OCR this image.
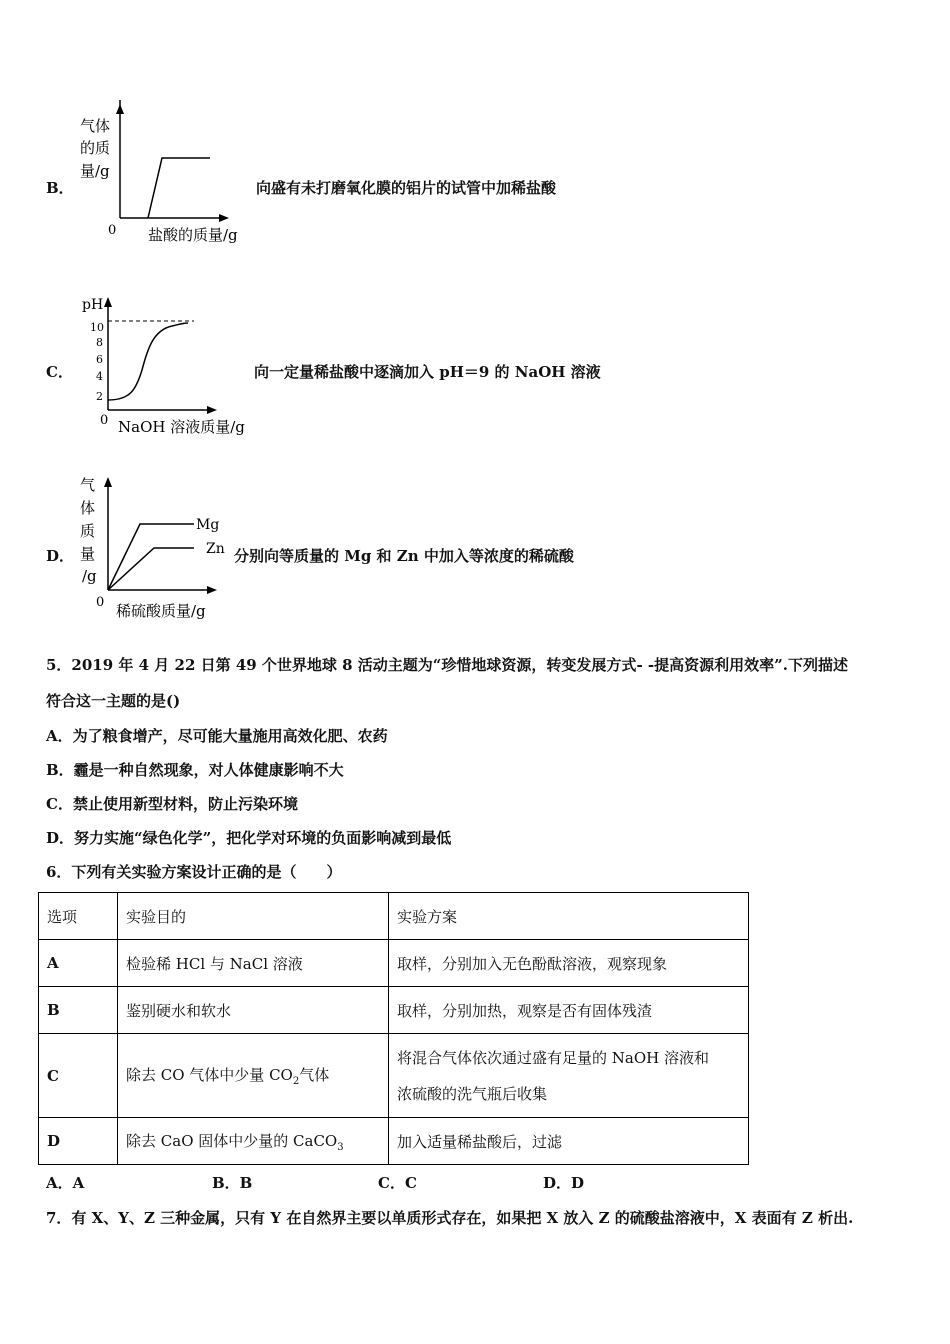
B．
气体
的质
量/g
0 盐酸的质量/g
向盛有未打磨氧化膜的铝片的试管中加稀盐酸
C．
pH
10
8
6
4
2
0 NaOH 溶液质量/g
向一定量稀盐酸中逐滴加入 pH＝9 的 NaOH 溶液
D．
Mg
Zn
气
体
质
量
/g
0 稀硫酸质量/g
分别向等质量的 Mg 和 Zn 中加入等浓度的稀硫酸
5．2019 年 4 月 22 日第 49 个世界地球 8 活动主题为“珍惜地球资源，转变发展方式- -提高资源利用效率”.下列描述
符合这一主题的是()
A．为了粮食增产，尽可能大量施用高效化肥、农药
B．霾是一种自然现象，对人体健康影响不大
C．禁止使用新型材料，防止污染环境
D．努力实施“绿色化学”，把化学对环境的负面影响减到最低
6．下列有关实验方案设计正确的是（　　）
选项	实验目的	实验方案
A	检验稀 HCl 与 NaCl 溶液	取样，分别加入无色酚酞溶液，观察现象
B	鉴别硬水和软水	取样，分别加热，观察是否有固体残渣
C	除去 CO 气体中少量 $CO_2$气体	将混合气体依次通过盛有足量的 NaOH 溶液和
浓硫酸的洗气瓶后收集

D	除去 CaO 固体中少量的 CaCO$_3$	加入适量稀盐酸后，过滤
A．A	B．B	C．C	D．D
7．有 X、Y、Z 三种金属，只有 Y 在自然界主要以单质形式存在，如果把 X 放入 Z 的硫酸盐溶液中，X 表面有 Z 析出.
